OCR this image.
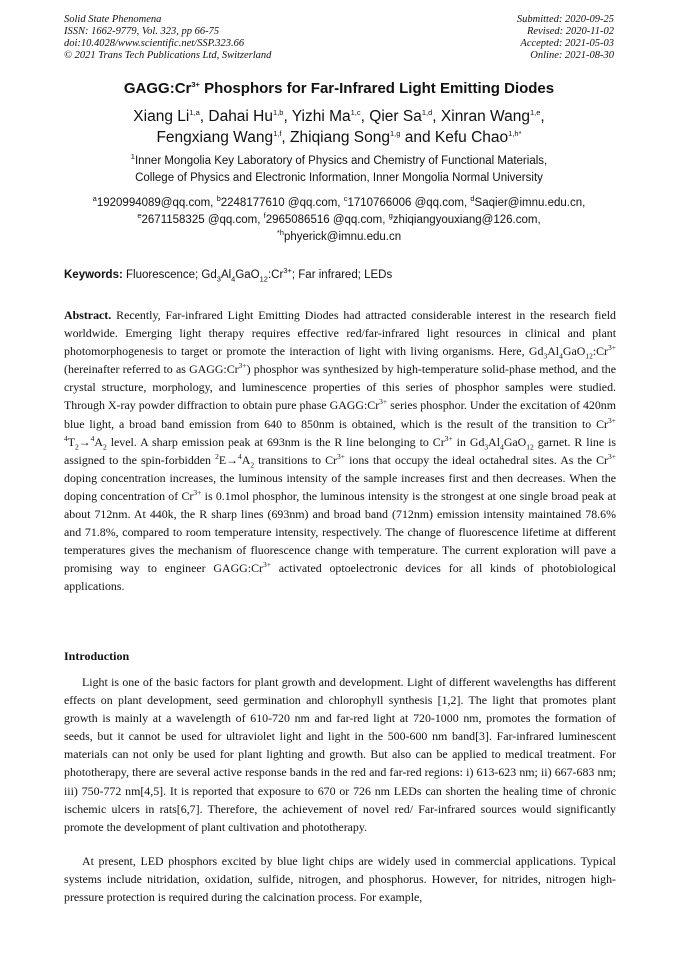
Solid State Phenomena
ISSN: 1662-9779, Vol. 323, pp 66-75
doi:10.4028/www.scientific.net/SSP.323.66
© 2021 Trans Tech Publications Ltd, Switzerland
Submitted: 2020-09-25
Revised: 2020-11-02
Accepted: 2021-05-03
Online: 2021-08-30
$GAGG:Cr^{3+}$ Phosphors for Far-Infrared Light Emitting Diodes
Xiang Li$^{1,a}$, Dahai Hu$^{1,b}$, Yizhi Ma$^{1,c}$, Qier Sa$^{1,d}$, Xinran Wang$^{1,e}$,
Fengxiang Wang$^{1,f}$, Zhiqiang Song$^{1,g}$ and Kefu Chao$^{1,h*}$
$^1$Inner Mongolia Key Laboratory of Physics and Chemistry of Functional Materials,
College of Physics and Electronic Information, Inner Mongolia Normal University
$^a$1920994089@qq.com, $^b$2248177610 @qq.com, $^c$1710766006 @qq.com, $^d$Saqier@imnu.edu.cn,
$^e$2671158325 @qq.com, $^f$2965086516 @qq.com, $^g$zhiqiangyouxiang@126.com,
$^{*h}$phyerick@imnu.edu.cn
Keywords: Fluorescence; $Gd_3Al_4GaO_{12}:Cr^{3+}$; Far infrared; LEDs
Abstract. Recently, Far-infrared Light Emitting Diodes had attracted considerable interest in the research field worldwide. Emerging light therapy requires effective red/far-infrared light resources in clinical and plant photomorphogenesis to target or promote the interaction of light with living organisms. Here, $Gd_3Al_4GaO_{12}:Cr^{3+}$ (hereinafter referred to as $GAGG:Cr^{3+}$) phosphor was synthesized by high-temperature solid-phase method, and the crystal structure, morphology, and luminescence properties of this series of phosphor samples were studied. Through X-ray powder diffraction to obtain pure phase $GAGG:Cr^{3+}$ series phosphor. Under the excitation of 420nm blue light, a broad band emission from 640 to 850nm is obtained, which is the result of the transition to $Cr^{3+ 4}T_2\to^4A_2$ level. A sharp emission peak at 693nm is the R line belonging to $Cr^{3+}$ in $Gd_3Al_4GaO_{12}$ garnet. R line is assigned to the spin-forbidden $^2E\to^4A_2$ transitions to $Cr^{3+}$ ions that occupy the ideal octahedral sites. As the $Cr^{3+}$ doping concentration increases, the luminous intensity of the sample increases first and then decreases. When the doping concentration of $Cr^{3+}$ is 0.1mol phosphor, the luminous intensity is the strongest at one single broad peak at about 712nm. At 440k, the R sharp lines (693nm) and broad band (712nm) emission intensity maintained 78.6% and 71.8%, compared to room temperature intensity, respectively. The change of fluorescence lifetime at different temperatures gives the mechanism of fluorescence change with temperature. The current exploration will pave a promising way to engineer $GAGG:Cr^{3+}$ activated optoelectronic devices for all kinds of photobiological applications.
Introduction

Light is one of the basic factors for plant growth and development. Light of different wavelengths has different effects on plant development, seed germination and chlorophyll synthesis [1,2]. The light that promotes plant growth is mainly at a wavelength of 610-720 nm and far-red light at 720-1000 nm, promotes the formation of seeds, but it cannot be used for ultraviolet light and light in the 500-600 nm band[3]. Far-infrared luminescent materials can not only be used for plant lighting and growth. But also can be applied to medical treatment. For phototherapy, there are several active response bands in the red and far-red regions: i) 613-623 nm; ii) 667-683 nm; iii) 750-772 nm[4,5]. It is reported that exposure to 670 or 726 nm LEDs can shorten the healing time of chronic ischemic ulcers in rats[6,7]. Therefore, the achievement of novel red/ Far-infrared sources would significantly promote the development of plant cultivation and phototherapy.

At present, LED phosphors excited by blue light chips are widely used in commercial applications. Typical systems include nitridation, oxidation, sulfide, nitrogen, and phosphorus. However, for nitrides, nitrogen high-pressure protection is required during the calcination process. For example,
